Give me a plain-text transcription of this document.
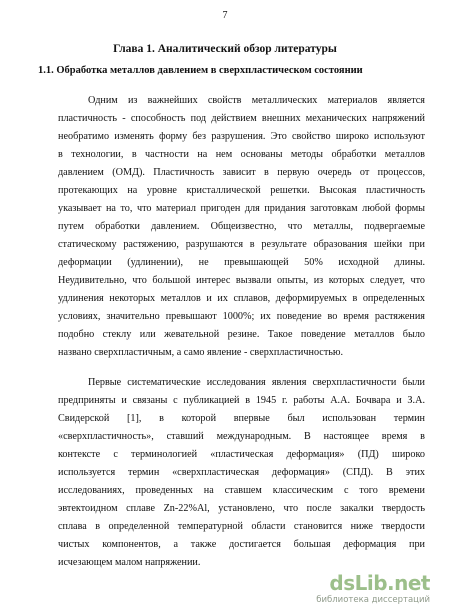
7
Глава 1. Аналитический обзор литературы
1.1. Обработка металлов давлением в сверхпластическом состоянии
Одним из важнейших свойств металлических материалов является
пластичность - способность под действием внешних механических напряжений
необратимо изменять форму без разрушения. Это свойство широко используют
в технологии, в частности на нем основаны методы обработки металлов
давлением (ОМД). Пластичность зависит в первую очередь от процессов,
протекающих на уровне кристаллической решетки. Высокая пластичность
указывает на то, что материал пригоден для придания заготовкам любой формы
путем обработки давлением. Общеизвестно, что металлы, подвергаемые
статическому растяжению, разрушаются в результате образования шейки при
деформации (удлинении), не превышающей 50% исходной длины.
Неудивительно, что большой интерес вызвали опыты, из которых следует, что
удлинения некоторых металлов и их сплавов, деформируемых в определенных
условиях, значительно превышают 1000%; их поведение во время растяжения
подобно стеклу или жевательной резине. Такое поведение металлов было
названо сверхпластичным, а само явление - сверхпластичностью.
Первые систематические исследования явления сверхпластичности были
предприняты и связаны с публикацией в 1945 г. работы А.А. Бочвара и З.А.
Свидерской [1], в которой впервые был использован термин
«сверхпластичность», ставший международным. В настоящее время в
контексте с терминологией «пластическая деформация» (ПД) широко
используется термин «сверхпластическая деформация» (СПД). В этих
исследованиях, проведенных на ставшем классическим с того времени
эвтектоидном сплаве Zn-22%Al, установлено, что после закалки твердость
сплава в определенной температурной области становится ниже твердости
чистых компонентов, а также достигается большая деформация при
исчезающем малом напряжении.
dsLib.net
библиотека диссертаций
